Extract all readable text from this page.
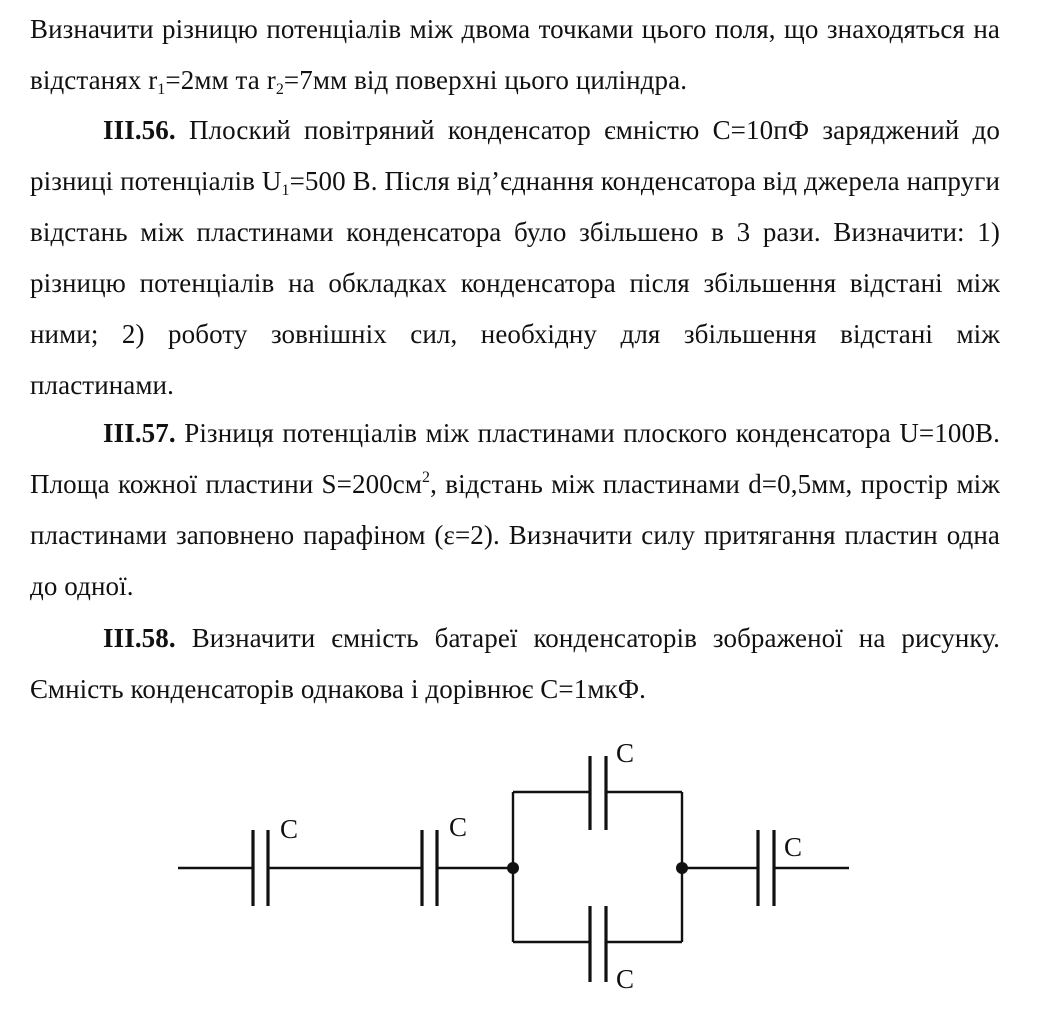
Визначити різницю потенціалів між двома точками цього поля, що знаходяться на відстанях $r_1=2мм$ та $r_2=7мм$ від поверхні цього циліндра.
III.56. Плоский повітряний конденсатор ємністю С=10пФ заряджений до різниці потенціалів $U_1=500$ В. Після від’єднання конденсатора від джерела напруги відстань між пластинами конденсатора було збільшено в 3 рази. Визначити: 1) різницю потенціалів на обкладках конденсатора після збільшення відстані між ними; 2) роботу зовнішніх сил, необхідну для збільшення відстані між пластинами.
III.57. Різниця потенціалів між пластинами плоского конденсатора U=100В. Площа кожної пластини $S=200см^2$, відстань між пластинами d=0,5мм, простір між пластинами заповнено парафіном (ε=2). Визначити силу притягання пластин одна до одної.
III.58. Визначити ємність батареї конденсаторів зображеної на рисунку. Ємність конденсаторів однакова і дорівнює С=1мкФ.
C	C
C
C
C
